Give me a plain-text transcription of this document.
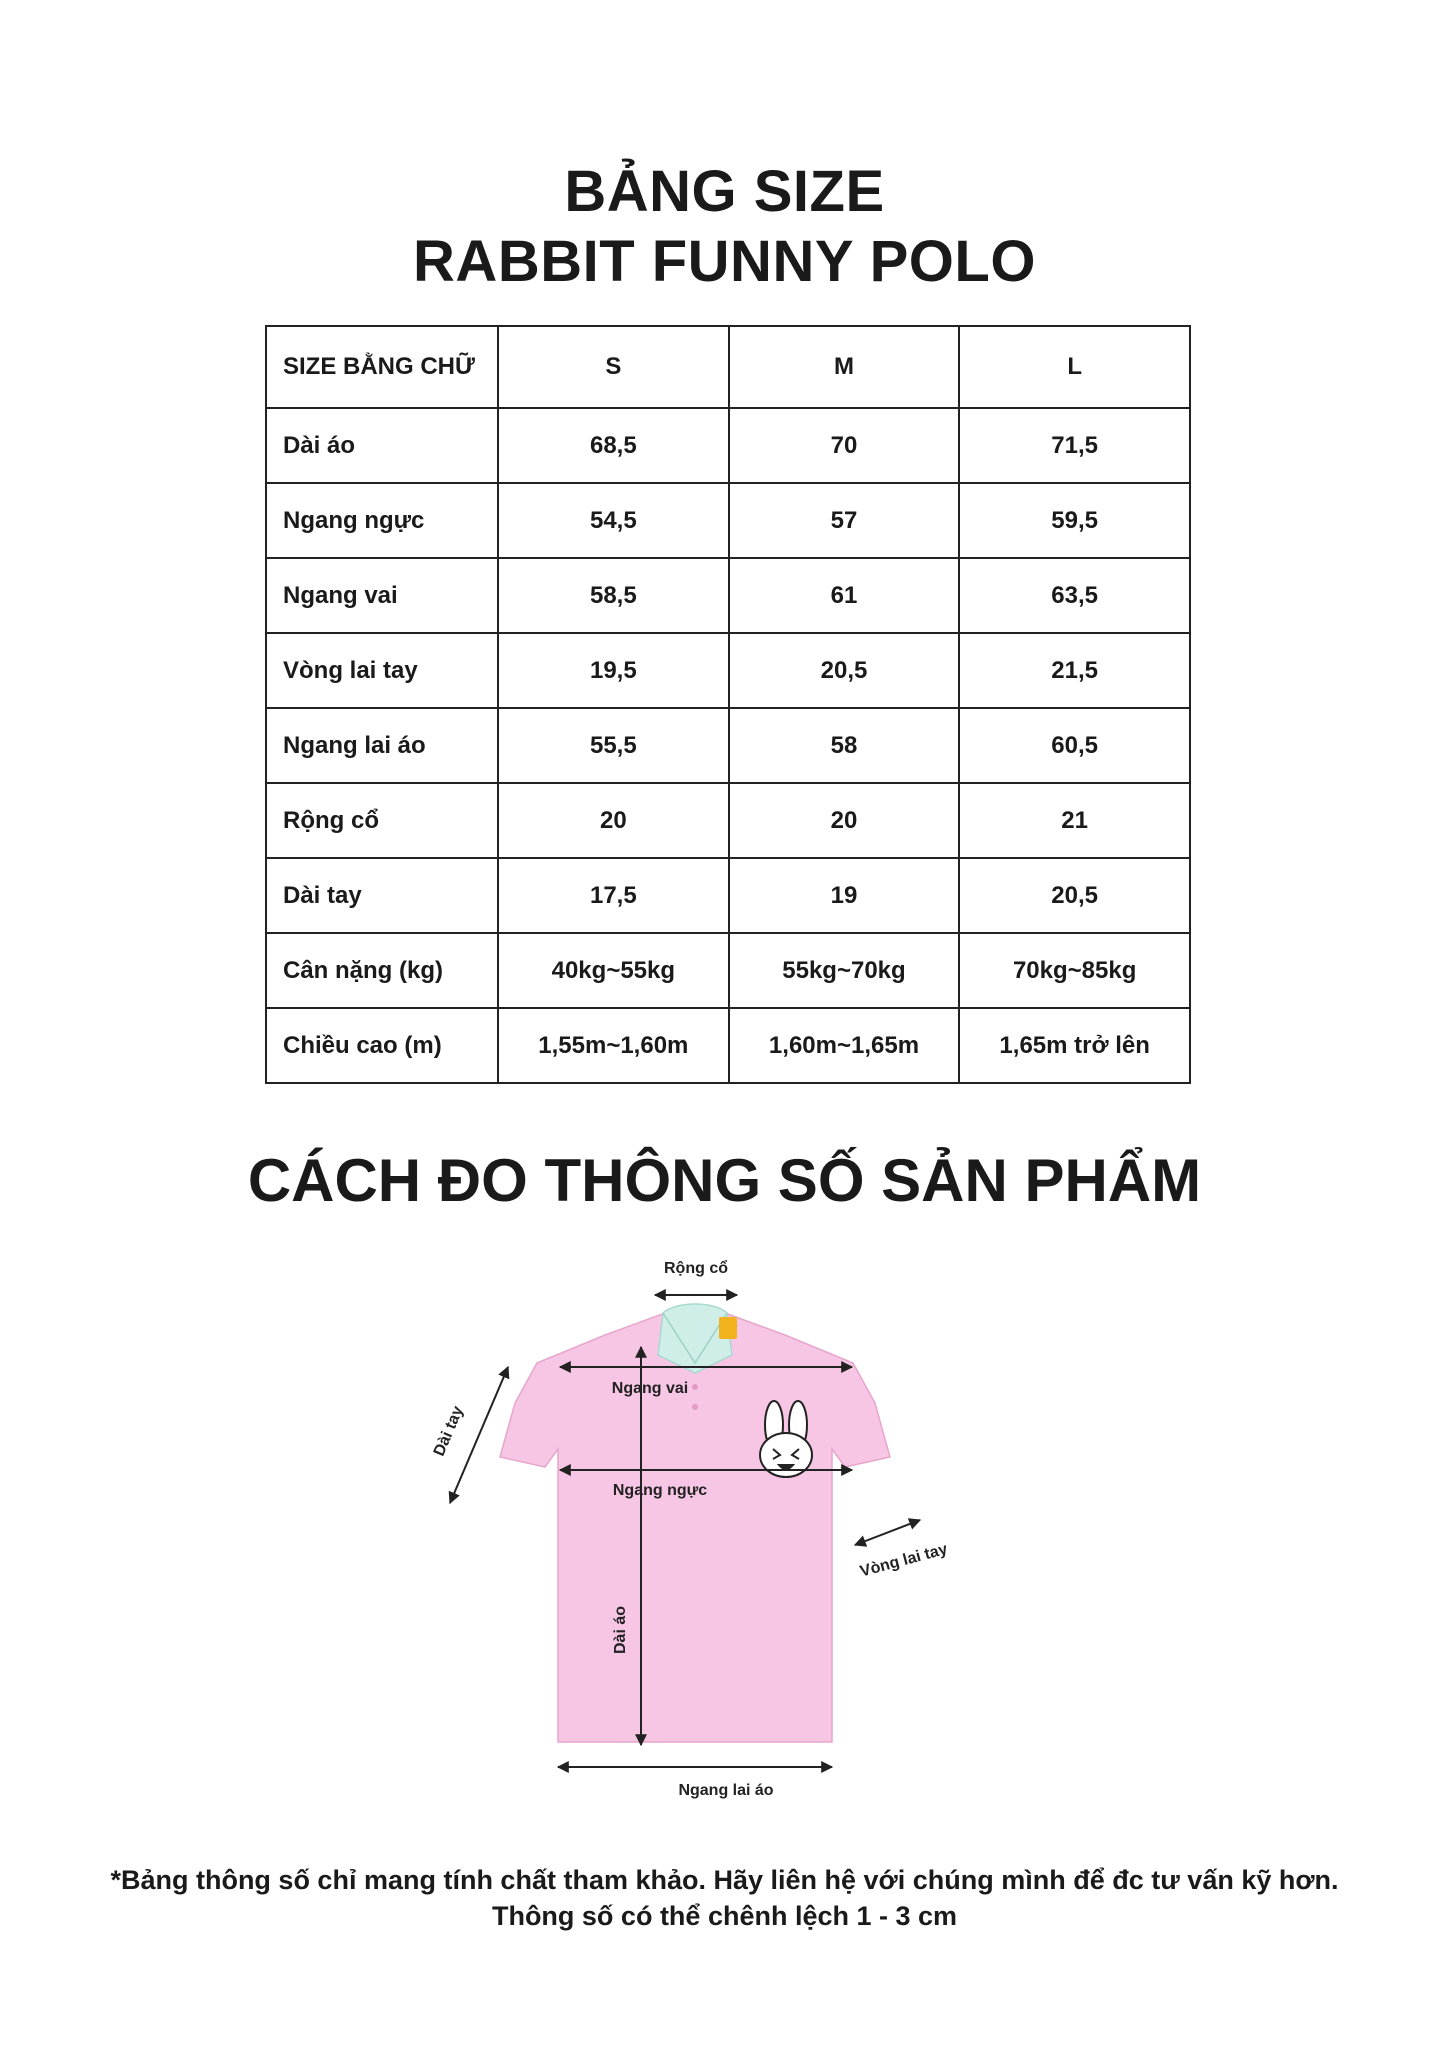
BẢNG SIZE
RABBIT FUNNY POLO
SIZE BẰNG CHỮ	S	M	L
Dài áo	68,5	70	71,5
Ngang ngực	54,5	57	59,5
Ngang vai	58,5	61	63,5
Vòng lai tay	19,5	20,5	21,5
Ngang lai áo	55,5	58	60,5
Rộng cổ	20	20	21
Dài tay	17,5	19	20,5
Cân nặng (kg)	40kg~55kg	55kg~70kg	70kg~85kg
Chiều cao (m)	1,55m~1,60m	1,60m~1,65m	1,65m trở lên
CÁCH ĐO THÔNG SỐ SẢN PHẨM
Rộng cổ
Ngang vai
Ngang ngực
Dài tay
Vòng lai tay
Dài áo
Ngang lai áo

*Bảng thông số chỉ mang tính chất tham khảo. Hãy liên hệ với chúng mình để đc tư vấn kỹ hơn.

Thông số có thể chênh lệch 1 - 3 cm
